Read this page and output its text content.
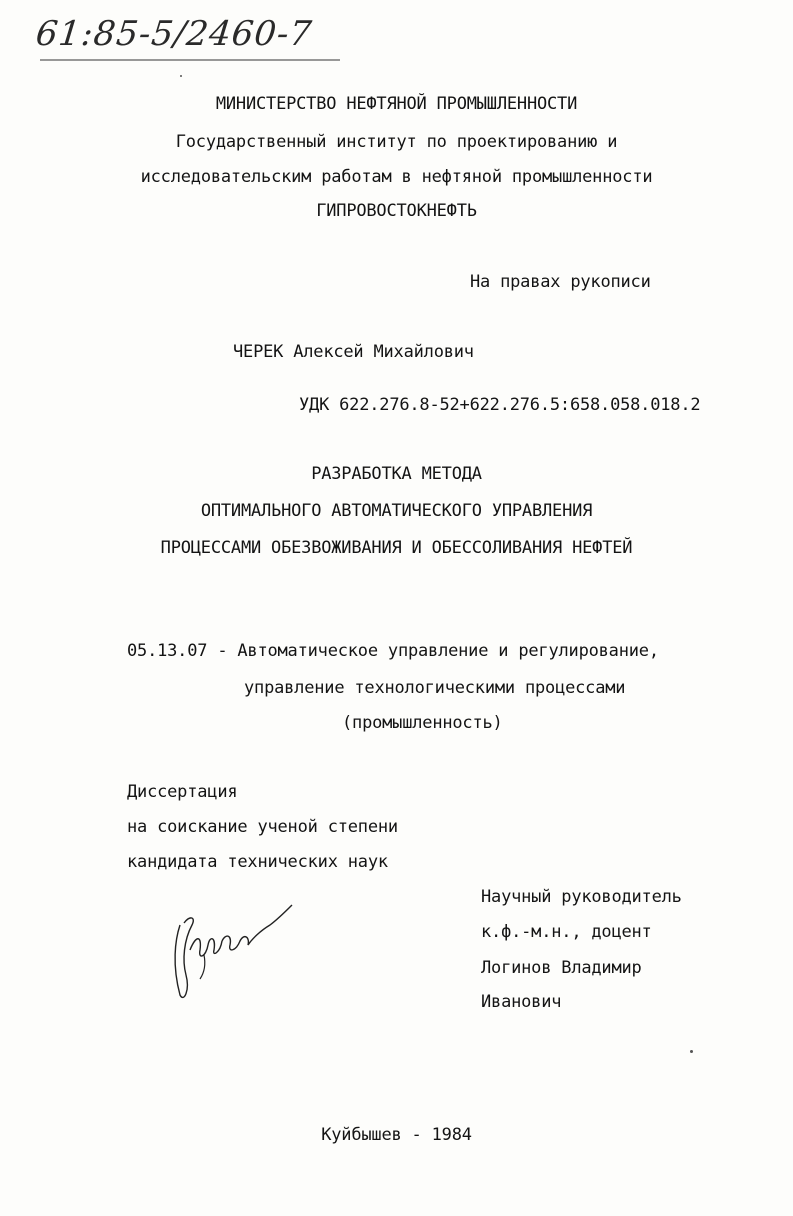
61:85-5/2460-7
МИНИСТЕРСТВО НЕФТЯНОЙ ПРОМЫШЛЕННОСТИ
Государственный институт по проектированию и
исследовательским работам в нефтяной промышленности
ГИПРОВОСТОКНЕФТЬ
На правах рукописи
ЧЕРЕК Алексей Михайлович
УДК 622.276.8-52+622.276.5:658.058.018.2
РАЗРАБОТКА МЕТОДА
ОПТИМАЛЬНОГО АВТОМАТИЧЕСКОГО УПРАВЛЕНИЯ
ПРОЦЕССАМИ ОБЕЗВОЖИВАНИЯ И ОБЕССОЛИВАНИЯ НЕФТЕЙ
05.13.07 - Автоматическое управление и регулирование,
управление технологическими процессами
(промышленность)
Диссертация
на соискание ученой степени
кандидата технических наук
Научный руководитель
к.ф.-м.н., доцент
Логинов Владимир
Иванович
Куйбышев - 1984
